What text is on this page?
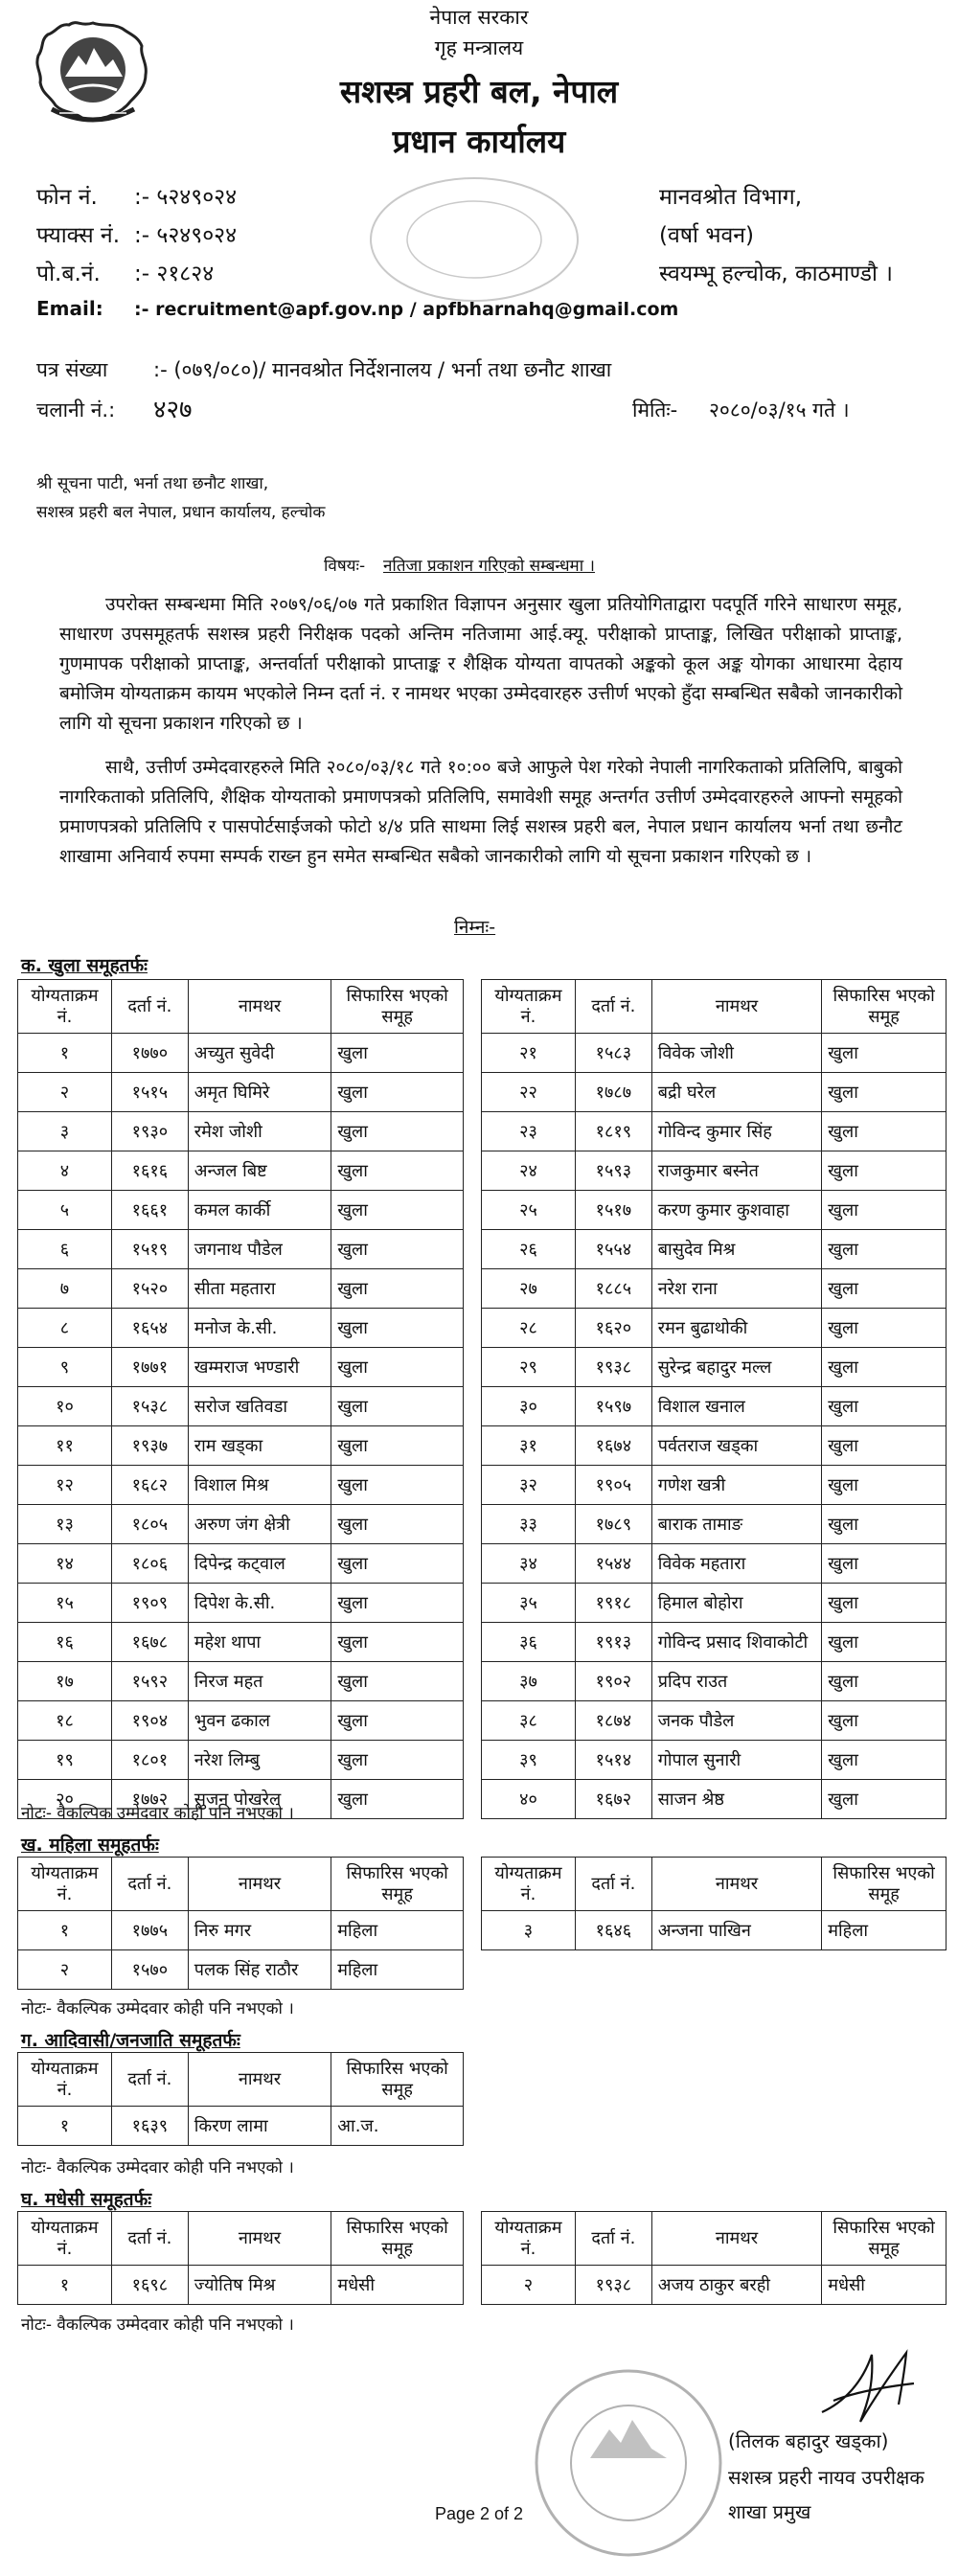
नेपाल सरकार
गृह मन्त्रालय
सशस्त्र प्रहरी बल, नेपाल
प्रधान कार्यालय
फोन नं. :- ५२४९०२४
फ्याक्स नं. :- ५२४९०२४
पो.ब.नं. :- २१८२४
Email: :- recruitment@apf.gov.np / apfbharnahq@gmail.com
मानवश्रोत विभाग,
(वर्षा भवन)
स्वयम्भू हल्चोक, काठमाण्डौ ।
पत्र संख्या :- (०७९/०८०)/ मानवश्रोत निर्देशनालय / भर्ना तथा छनौट शाखा
चलानी नं.: ४२७	मितिः- २०८०/०३/१५ गते ।
श्री सूचना पाटी, भर्ना तथा छनौट शाखा,
सशस्त्र प्रहरी बल नेपाल, प्रधान कार्यालय, हल्चोक
विषयः- नतिजा प्रकाशन गरिएको सम्बन्धमा ।
उपरोक्त सम्बन्धमा मिति २०७९/०६/०७ गते प्रकाशित विज्ञापन अनुसार खुला प्रतियोगिताद्वारा पदपूर्ति गरिने साधारण समूह, साधारण उपसमूहतर्फ सशस्त्र प्रहरी निरीक्षक पदको अन्तिम नतिजामा आई.क्यू. परीक्षाको प्राप्ताङ्क, लिखित परीक्षाको प्राप्ताङ्क, गुणमापक परीक्षाको प्राप्ताङ्क, अन्तर्वार्ता परीक्षाको प्राप्ताङ्क र शैक्षिक योग्यता वापतको अङ्कको कूल अङ्क योगका आधारमा देहाय बमोजिम योग्यताक्रम कायम भएकोले निम्न दर्ता नं. र नामथर भएका उम्मेदवारहरु उत्तीर्ण भएको हुँदा सम्बन्धित सबैको जानकारीको लागि यो सूचना प्रकाशन गरिएको छ ।
साथै, उत्तीर्ण उम्मेदवारहरुले मिति २०८०/०३/१८ गते १०:०० बजे आफुले पेश गरेको नेपाली नागरिकताको प्रतिलिपि, बाबुको नागरिकताको प्रतिलिपि, शैक्षिक योग्यताको प्रमाणपत्रको प्रतिलिपि, समावेशी समूह अन्तर्गत उत्तीर्ण उम्मेदवारहरुले आफ्नो समूहको प्रमाणपत्रको प्रतिलिपि र पासपोर्टसाईजको फोटो ४/४ प्रति साथमा लिई सशस्त्र प्रहरी बल, नेपाल प्रधान कार्यालय भर्ना तथा छनौट शाखामा अनिवार्य रुपमा सम्पर्क राख्न हुन समेत सम्बन्धित सबैको जानकारीको लागि यो सूचना प्रकाशन गरिएको छ ।
निम्नः-
क. खुला समूहतर्फः
योग्यताक्रम नं.	दर्ता नं.	नामथर	सिफारिस भएको समूह
१	१७७०	अच्युत सुवेदी	खुला
२	१५१५	अमृत घिमिरे	खुला
३	१९३०	रमेश जोशी	खुला
४	१६१६	अन्जल बिष्ट	खुला
५	१६६१	कमल कार्की	खुला
६	१५१९	जगनाथ पौडेल	खुला
७	१५२०	सीता महतारा	खुला
८	१६५४	मनोज के.सी.	खुला
९	१७७१	खम्मराज भण्डारी	खुला
१०	१५३८	सरोज खतिवडा	खुला
११	१९३७	राम खड्का	खुला
१२	१६८२	विशाल मिश्र	खुला
१३	१८०५	अरुण जंग क्षेत्री	खुला
१४	१८०६	दिपेन्द्र कट्वाल	खुला
१५	१९०९	दिपेश के.सी.	खुला
१६	१६७८	महेश थापा	खुला
१७	१५९२	निरज महत	खुला
१८	१९०४	भुवन ढकाल	खुला
१९	१८०१	नरेश लिम्बु	खुला
२०	१७७२	सुजन पोखरेल	खुला
योग्यताक्रम नं.	दर्ता नं.	नामथर	सिफारिस भएको समूह
२१	१५८३	विवेक जोशी	खुला
२२	१७८७	बद्री घरेल	खुला
२३	१८१९	गोविन्द कुमार सिंह	खुला
२४	१५९३	राजकुमार बस्नेत	खुला
२५	१५१७	करण कुमार कुशवाहा	खुला
२६	१५५४	बासुदेव मिश्र	खुला
२७	१८८५	नरेश राना	खुला
२८	१६२०	रमन बुढाथोकी	खुला
२९	१९३८	सुरेन्द्र बहादुर मल्ल	खुला
३०	१५९७	विशाल खनाल	खुला
३१	१६७४	पर्वतराज खड्का	खुला
३२	१९०५	गणेश खत्री	खुला
३३	१७८९	बाराक तामाङ	खुला
३४	१५४४	विवेक महतारा	खुला
३५	१९१८	हिमाल बोहोरा	खुला
३६	१९१३	गोविन्द प्रसाद शिवाकोटी	खुला
३७	१९०२	प्रदिप राउत	खुला
३८	१८७४	जनक पौडेल	खुला
३९	१५१४	गोपाल सुनारी	खुला
४०	१६७२	साजन श्रेष्ठ	खुला
नोटः- वैकल्पिक उम्मेदवार कोही पनि नभएको ।
ख. महिला समूहतर्फः
योग्यताक्रम नं.	दर्ता नं.	नामथर	सिफारिस भएको समूह
१	१७७५	निरु मगर	महिला
२	१५७०	पलक सिंह राठौर	महिला
योग्यताक्रम नं.	दर्ता नं.	नामथर	सिफारिस भएको समूह
३	१६४६	अन्जना पाखिन	महिला
नोटः- वैकल्पिक उम्मेदवार कोही पनि नभएको ।
ग. आदिवासी/जनजाति समूहतर्फः
योग्यताक्रम नं.	दर्ता नं.	नामथर	सिफारिस भएको समूह
१	१६३९	किरण लामा	आ.ज.
नोटः- वैकल्पिक उम्मेदवार कोही पनि नभएको ।
घ. मधेसी समूहतर्फः
योग्यताक्रम नं.	दर्ता नं.	नामथर	सिफारिस भएको समूह
१	१६९८	ज्योतिष मिश्र	मधेसी
योग्यताक्रम नं.	दर्ता नं.	नामथर	सिफारिस भएको समूह
२	१९३८	अजय ठाकुर बरही	मधेसी
नोटः- वैकल्पिक उम्मेदवार कोही पनि नभएको ।
(तिलक बहादुर खड्का)
सशस्त्र प्रहरी नायव उपरीक्षक
शाखा प्रमुख
Page 2 of 2
